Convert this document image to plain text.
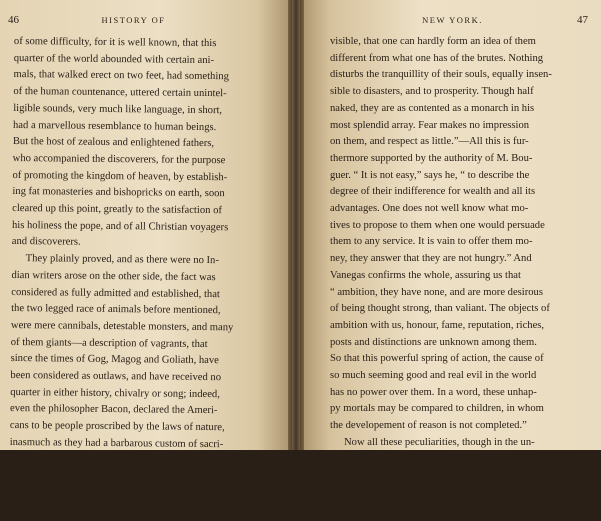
46	HISTORY OF
of some difficulty, for it is well known, that this
quarter of the world abounded with certain ani-
mals, that walked erect on two feet, had something
of the human countenance, uttered certain unintel-
ligible sounds, very much like language, in short,
had a marvellous resemblance to human beings.
But the host of zealous and enlightened fathers,
who accompanied the discoverers, for the purpose
of promoting the kingdom of heaven, by establish-
ing fat monasteries and bishopricks on earth, soon
cleared up this point, greatly to the satisfaction of
his holiness the pope, and of all Christian voyagers
and discoverers.
They plainly proved, and as there were no In-
dian writers arose on the other side, the fact was
considered as fully admitted and established, that
the two legged race of animals before mentioned,
were mere cannibals, detestable monsters, and many
of them giants—a description of vagrants, that
since the times of Gog, Magog and Goliath, have
been considered as outlaws, and have received no
quarter in either history, chivalry or song; indeed,
even the philosopher Bacon, declared the Ameri-
cans to be people proscribed by the laws of nature,
inasmuch as they had a barbarous custom of sacri-
ficing men, and feeding upon man's flesh.
Nor are these all the proofs of their utter bar-
barism: among many other writers of discernment,
the celebrated Ulloa tells us “ their imbecility is so
NEW YORK.	47
visible, that one can hardly form an idea of them
different from what one has of the brutes. Nothing
disturbs the tranquillity of their souls, equally insen-
sible to disasters, and to prosperity. Though half
naked, they are as contented as a monarch in his
most splendid array. Fear makes no impression
on them, and respect as little.”—All this is fur-
thermore supported by the authority of M. Bou-
guer. “ It is not easy,” says he, “ to describe the
degree of their indifference for wealth and all its
advantages. One does not well know what mo-
tives to propose to them when one would persuade
them to any service. It is vain to offer them mo-
ney, they answer that they are not hungry.” And
Vanegas confirms the whole, assuring us that
“ ambition, they have none, and are more desirous
of being thought strong, than valiant. The objects of
ambition with us, honour, fame, reputation, riches,
posts and distinctions are unknown among them.
So that this powerful spring of action, the cause of
so much seeming good and real evil in the world
has no power over them. In a word, these unhap-
py mortals may be compared to children, in whom
the developement of reason is not completed.”
Now all these peculiarities, though in the un-
enlightened states of Greece, they would have en-
titled their possessors to immortal honour, as
having reduced to practice those rigid and abste-
mious maxims, the mere talking about which, ac-
